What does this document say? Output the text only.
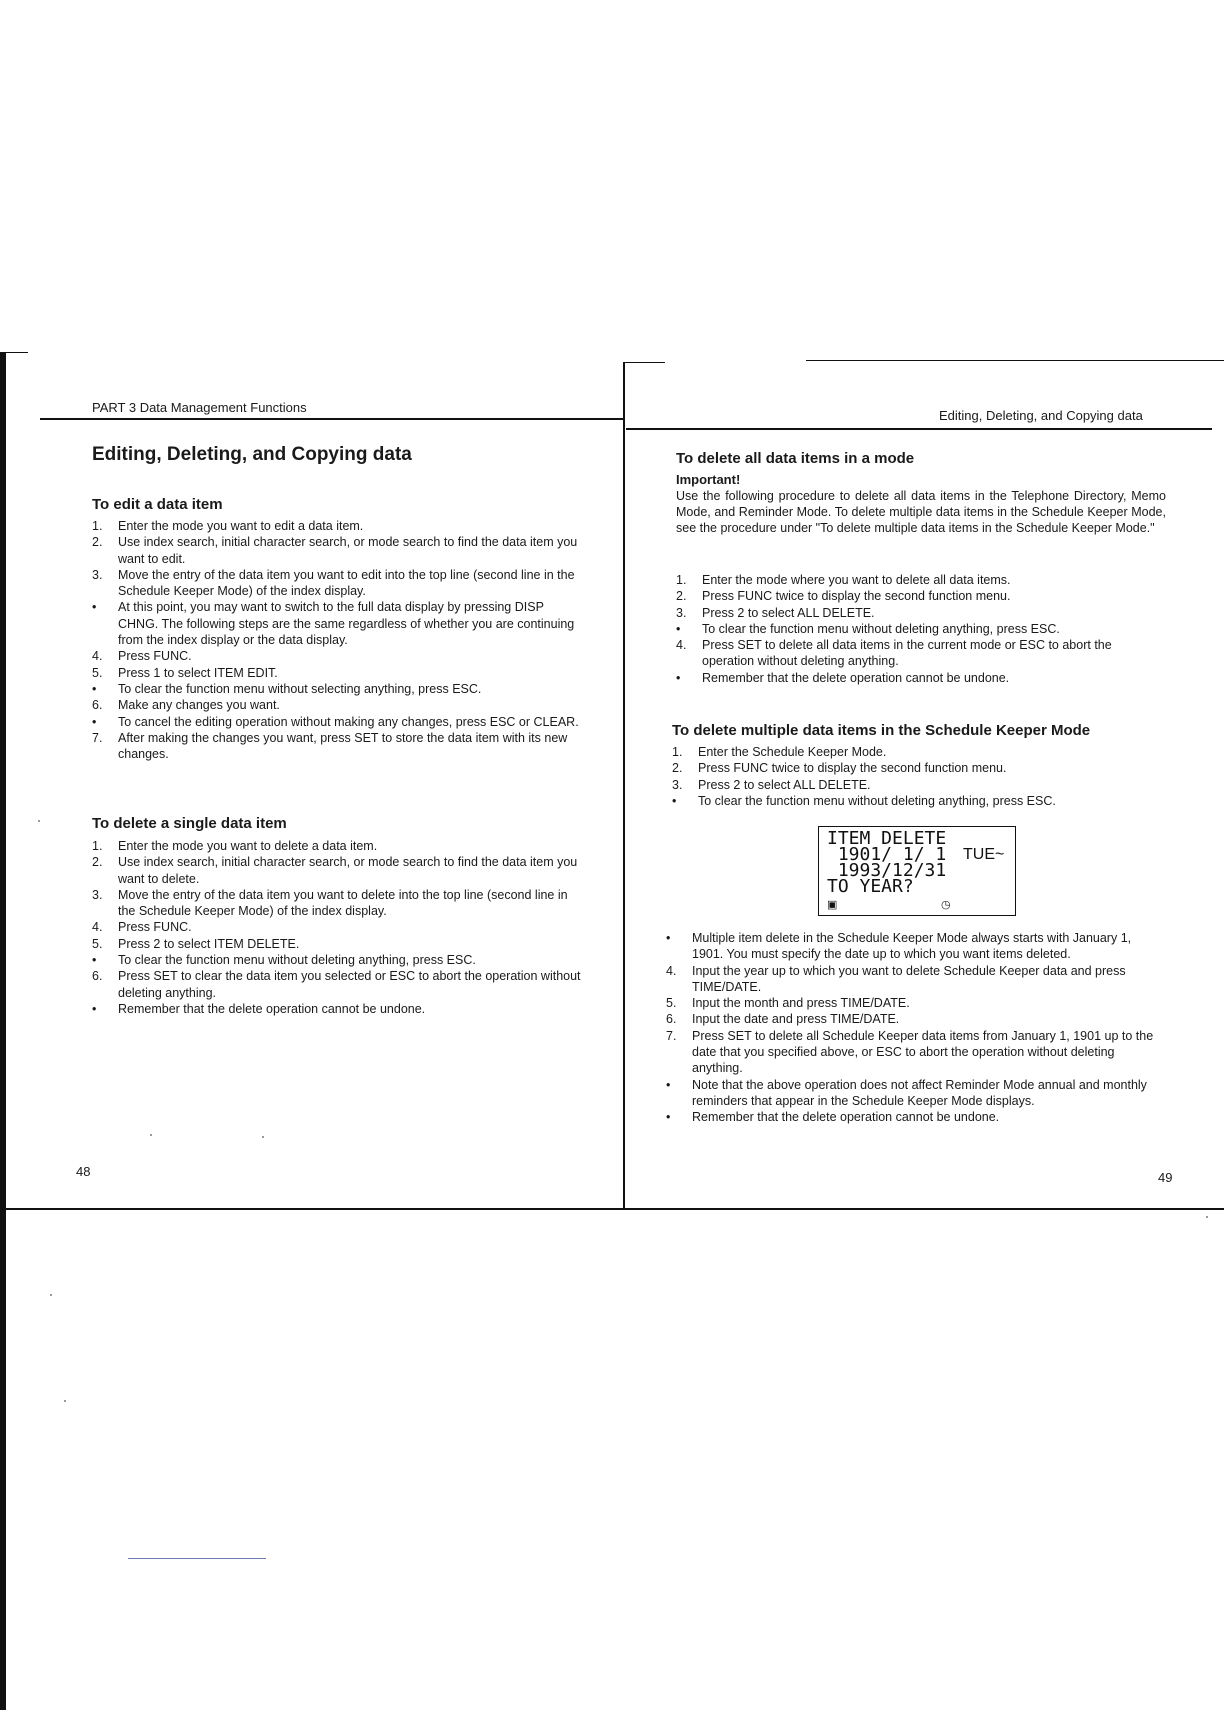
PART 3 Data Management Functions
Editing, Deleting, and Copying data
To edit a data item
1.	Enter the mode you want to edit a data item.
2.	Use index search, initial character search, or mode search to find the data item you want to edit.
3.	Move the entry of the data item you want to edit into the top line (second line in the Schedule Keeper Mode) of the index display.
•	At this point, you may want to switch to the full data display by pressing DISP CHNG. The following steps are the same regardless of whether you are continuing from the index display or the data display.
4.	Press FUNC.
5.	Press 1 to select ITEM EDIT.
•	To clear the function menu without selecting anything, press ESC.
6.	Make any changes you want.
•	To cancel the editing operation without making any changes, press ESC or CLEAR.
7.	After making the changes you want, press SET to store the data item with its new changes.
To delete a single data item
1.	Enter the mode you want to delete a data item.
2.	Use index search, initial character search, or mode search to find the data item you want to delete.
3.	Move the entry of the data item you want to delete into the top line (second line in the Schedule Keeper Mode) of the index display.
4.	Press FUNC.
5.	Press 2 to select ITEM DELETE.
•	To clear the function menu without deleting anything, press ESC.
6.	Press SET to clear the data item you selected or ESC to abort the operation without deleting anything.
•	Remember that the delete operation cannot be undone.
48
Editing, Deleting, and Copying data
To delete all data items in a mode
Important!
Use the following procedure to delete all data items in the Telephone Directory, Memo Mode, and Reminder Mode. To delete multiple data items in the Schedule Keeper Mode, see the procedure under "To delete multiple data items in the Schedule Keeper Mode."
1.	Enter the mode where you want to delete all data items.
2.	Press FUNC twice to display the second function menu.
3.	Press 2 to select ALL DELETE.
•	To clear the function menu without deleting anything, press ESC.
4.	Press SET to delete all data items in the current mode or ESC to abort the operation without deleting anything.
•	Remember that the delete operation cannot be undone.
To delete multiple data items in the Schedule Keeper Mode
1.	Enter the Schedule Keeper Mode.
2.	Press FUNC twice to display the second function menu.
3.	Press 2 to select ALL DELETE.
•	To clear the function menu without deleting anything, press ESC.
ITEM DELETE
1901/ 1/ 1 TUE~
1993/12/31
TO YEAR?
▣	◷
•	Multiple item delete in the Schedule Keeper Mode always starts with January 1, 1901. You must specify the date up to which you want items deleted.
4.	Input the year up to which you want to delete Schedule Keeper data and press TIME/DATE.
5.	Input the month and press TIME/DATE.
6.	Input the date and press TIME/DATE.
7.	Press SET to delete all Schedule Keeper data items from January 1, 1901 up to the date that you specified above, or ESC to abort the operation without deleting anything.
•	Note that the above operation does not affect Reminder Mode annual and monthly reminders that appear in the Schedule Keeper Mode displays.
•	Remember that the delete operation cannot be undone.
49
